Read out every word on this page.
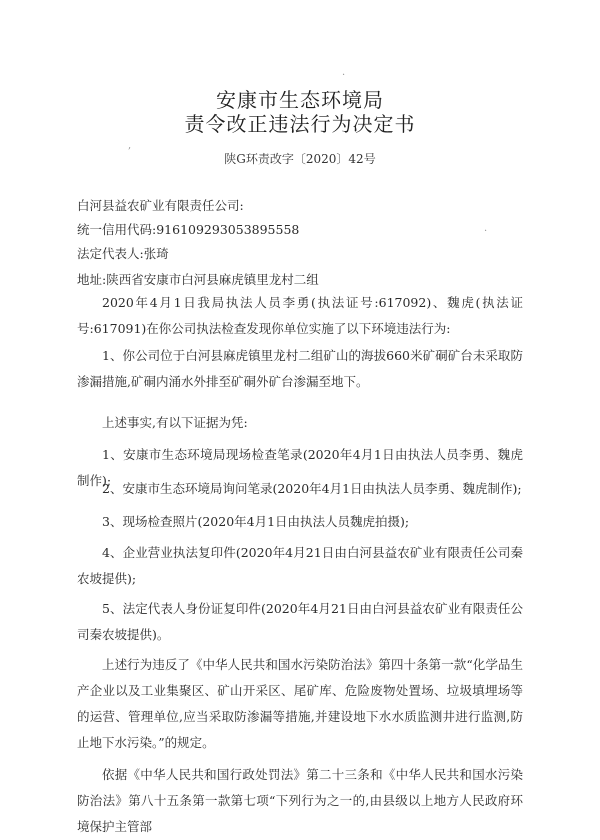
安康市生态环境局
责令改正违法行为决定书
陕G环责改字〔2020〕42号
·
,
·
白河县益农矿业有限责任公司:
统一信用代码:916109293053895558
法定代表人:张琦
地址:陕西省安康市白河县麻虎镇里龙村二组
2020年4月1日我局执法人员李勇(执法证号:617092)、魏虎(执法证号:617091)在你公司执法检查发现你单位实施了以下环境违法行为:
1、你公司位于白河县麻虎镇里龙村二组矿山的海拔660米矿硐矿台未采取防渗漏措施,矿硐内涌水外排至矿硐外矿台渗漏至地下。
上述事实,有以下证据为凭:
1、安康市生态环境局现场检查笔录(2020年4月1日由执法人员李勇、魏虎制作);
2、安康市生态环境局询问笔录(2020年4月1日由执法人员李勇、魏虎制作);
3、现场检查照片(2020年4月1日由执法人员魏虎拍摄);
4、企业营业执法复印件(2020年4月21日由白河县益农矿业有限责任公司秦农坡提供);
5、法定代表人身份证复印件(2020年4月21日由白河县益农矿业有限责任公司秦农坡提供)。
上述行为违反了《中华人民共和国水污染防治法》第四十条第一款“化学品生产企业以及工业集聚区、矿山开采区、尾矿库、危险废物处置场、垃圾填埋场等的运营、管理单位,应当采取防渗漏等措施,并建设地下水水质监测井进行监测,防止地下水污染。”的规定。
依据《中华人民共和国行政处罚法》第二十三条和《中华人民共和国水污染防治法》第八十五条第一款第七项“下列行为之一的,由县级以上地方人民政府环境保护主管部
